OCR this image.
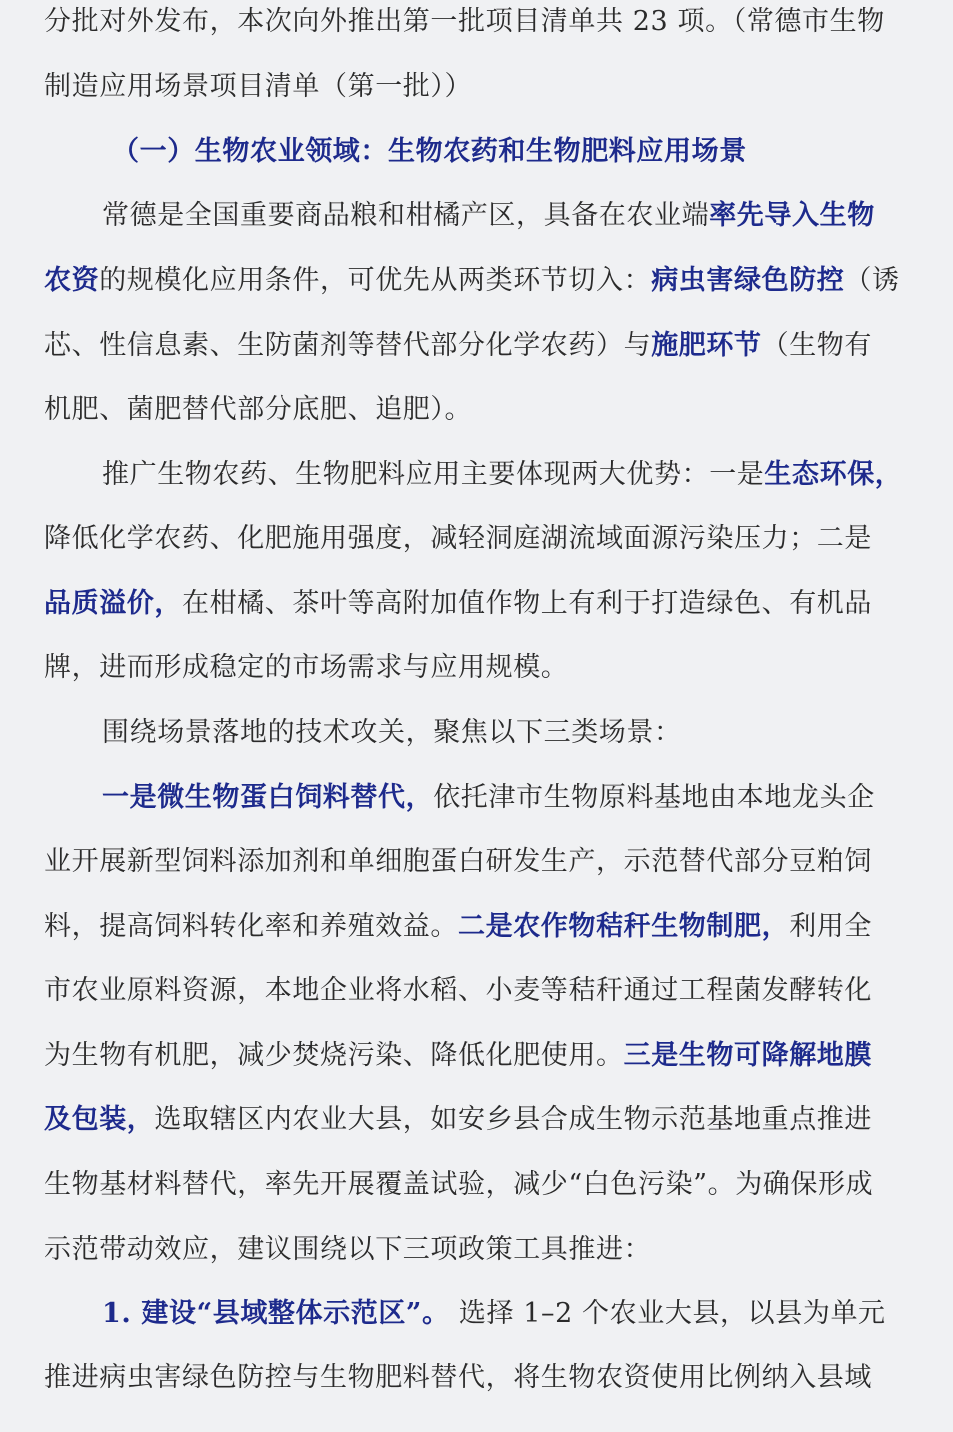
分批对外发布，本次向外推出第一批项目清单共 23 项。（常德市生物
制造应用场景项目清单（第一批））
（一）生物农业领域：生物农药和生物肥料应用场景
常德是全国重要商品粮和柑橘产区，具备在农业端率先导入生物
农资的规模化应用条件，可优先从两类环节切入：病虫害绿色防控（诱
芯、性信息素、生防菌剂等替代部分化学农药）与施肥环节（生物有
机肥、菌肥替代部分底肥、追肥）。
推广生物农药、生物肥料应用主要体现两大优势：一是生态环保，
降低化学农药、化肥施用强度，减轻洞庭湖流域面源污染压力；二是
品质溢价，在柑橘、茶叶等高附加值作物上有利于打造绿色、有机品
牌，进而形成稳定的市场需求与应用规模。
围绕场景落地的技术攻关，聚焦以下三类场景：
一是微生物蛋白饲料替代，依托津市生物原料基地由本地龙头企
业开展新型饲料添加剂和单细胞蛋白研发生产，示范替代部分豆粕饲
料，提高饲料转化率和养殖效益。二是农作物秸秆生物制肥，利用全
市农业原料资源，本地企业将水稻、小麦等秸秆通过工程菌发酵转化
为生物有机肥，减少焚烧污染、降低化肥使用。三是生物可降解地膜
及包装，选取辖区内农业大县，如安乡县合成生物示范基地重点推进
生物基材料替代，率先开展覆盖试验，减少“白色污染”。为确保形成
示范带动效应，建议围绕以下三项政策工具推进：
1. 建设“县域整体示范区”。 选择 1–2 个农业大县，以县为单元
推进病虫害绿色防控与生物肥料替代，将生物农资使用比例纳入县域
